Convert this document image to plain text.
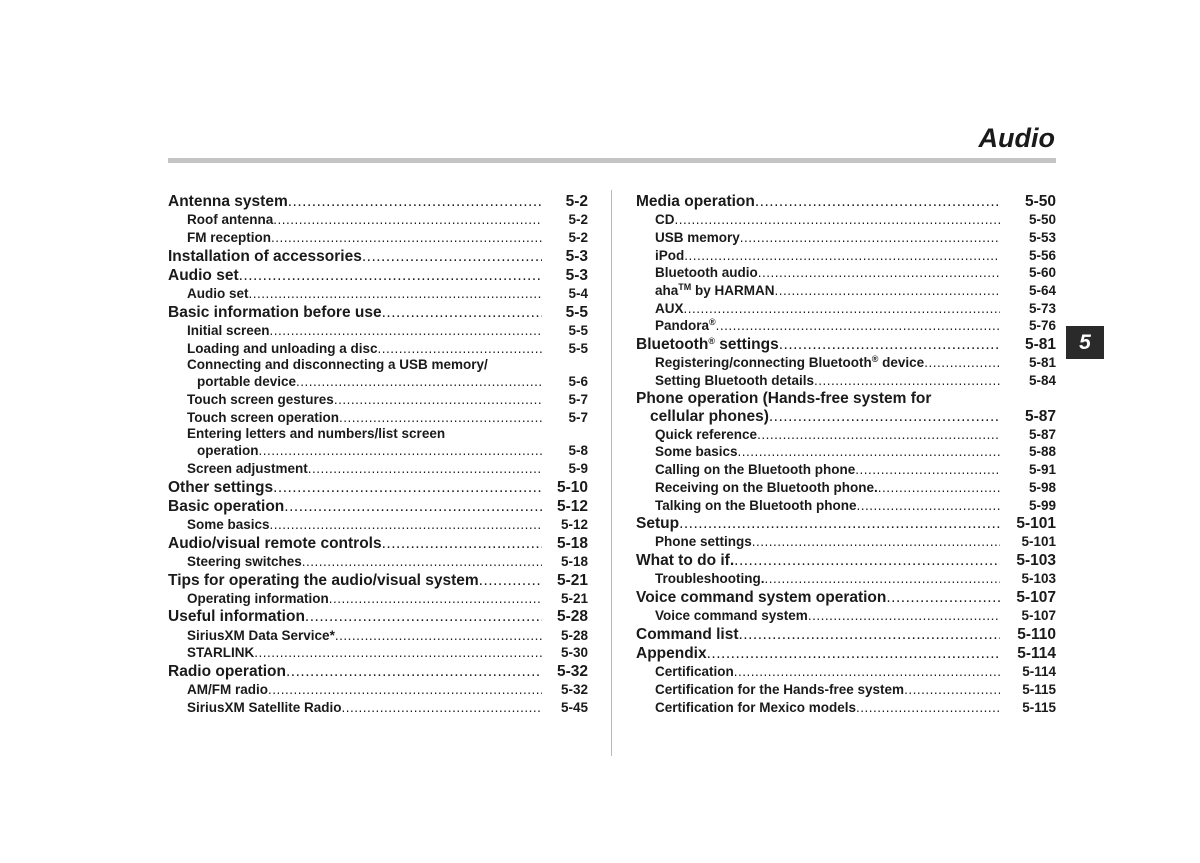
Audio
5
Antenna system .....	5-2
Roof antenna .....	5-2
FM reception .....	5-2
Installation of accessories .....	5-3
Audio set .....	5-3
Audio set .....	5-4
Basic information before use .....	5-5
Initial screen .....	5-5
Loading and unloading a disc .....	5-5
Connecting and disconnecting a USB memory/
portable device .....	5-6
Touch screen gestures .....	5-7
Touch screen operation .....	5-7
Entering letters and numbers/list screen
operation .....	5-8
Screen adjustment .....	5-9
Other settings .....	5-10
Basic operation .....	5-12
Some basics .....	5-12
Audio/visual remote controls .....	5-18
Steering switches .....	5-18
Tips for operating the audio/visual system .....	5-21
Operating information .....	5-21
Useful information .....	5-28
SiriusXM Data Service* .....	5-28
STARLINK .....	5-30
Radio operation .....	5-32
AM/FM radio .....	5-32
SiriusXM Satellite Radio .....	5-45
Media operation .....	5-50
CD .....	5-50
USB memory .....	5-53
iPod .....	5-56
Bluetooth audio .....	5-60
aha™ by HARMAN .....	5-64
AUX .....	5-73
Pandora® .....	5-76
Bluetooth® settings .....	5-81
Registering/connecting Bluetooth® device .....	5-81
Setting Bluetooth details .....	5-84
Phone operation (Hands-free system for
cellular phones) .....	5-87
Quick reference .....	5-87
Some basics .....	5-88
Calling on the Bluetooth phone .....	5-91
Receiving on the Bluetooth phone. .....	5-98
Talking on the Bluetooth phone .....	5-99
Setup .....	5-101
Phone settings .....	5-101
What to do if. .....	5-103
Troubleshooting. .....	5-103
Voice command system operation .....	5-107
Voice command system .....	5-107
Command list .....	5-110
Appendix .....	5-114
Certification .....	5-114
Certification for the Hands-free system .....	5-115
Certification for Mexico models .....	5-115
